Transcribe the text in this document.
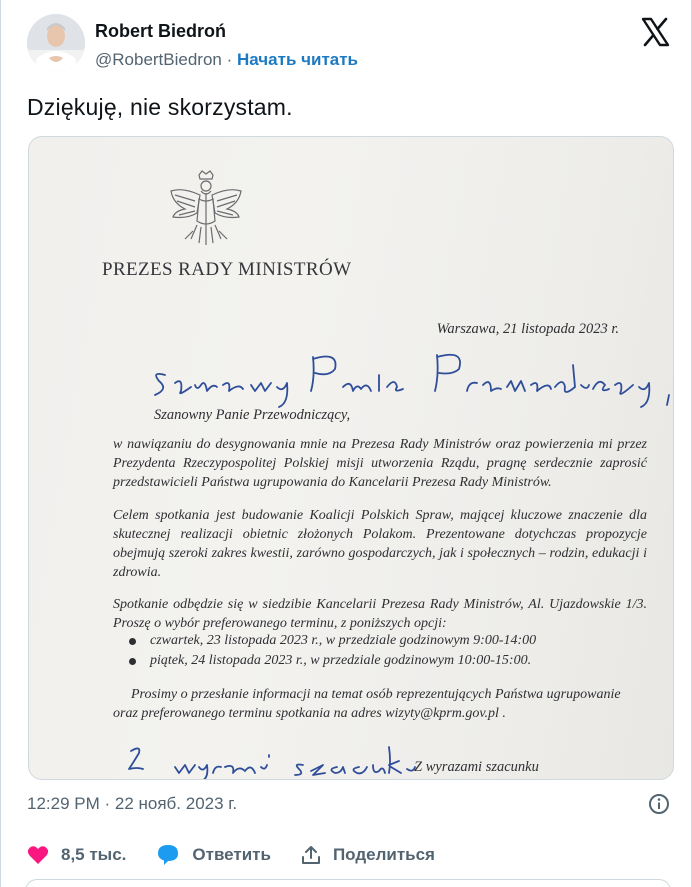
Robert Biedroń
@RobertBiedron · Начать читать
Dziękuję, nie skorzystam.
PREZES RADY MINISTRÓW
Warszawa, 21 listopada 2023 r.
Szanowny Panie Przewodniczący,
w nawiązaniu do desygnowania mnie na Prezesa Rady Ministrów oraz powierzenia mi przez Prezydenta Rzeczypospolitej Polskiej misji utworzenia Rządu, pragnę serdecznie zaprosić przedstawicieli Państwa ugrupowania do Kancelarii Prezesa Rady Ministrów.
Celem spotkania jest budowanie Koalicji Polskich Spraw, mającej kluczowe znaczenie dla skutecznej realizacji obietnic złożonych Polakom. Prezentowane dotychczas propozycje obejmują szeroki zakres kwestii, zarówno gospodarczych, jak i społecznych – rodzin, edukacji i zdrowia.
Spotkanie odbędzie się w siedzibie Kancelarii Prezesa Rady Ministrów, Al. Ujazdowskie 1/3. Proszę o wybór preferowanego terminu, z poniższych opcji:
czwartek, 23 listopada 2023 r., w przedziale godzinowym 9:00-14:00
piątek, 24 listopada 2023 r., w przedziale godzinowym 10:00-15:00.
Prosimy o przesłanie informacji na temat osób reprezentujących Państwa ugrupowanie
oraz preferowanego terminu spotkania na adres wizyty@kprm.gov.pl .
Z wyrazami szacunku
12:29 PM · 22 нояб. 2023 г.
8,5 тыс.	Ответить	Поделиться
